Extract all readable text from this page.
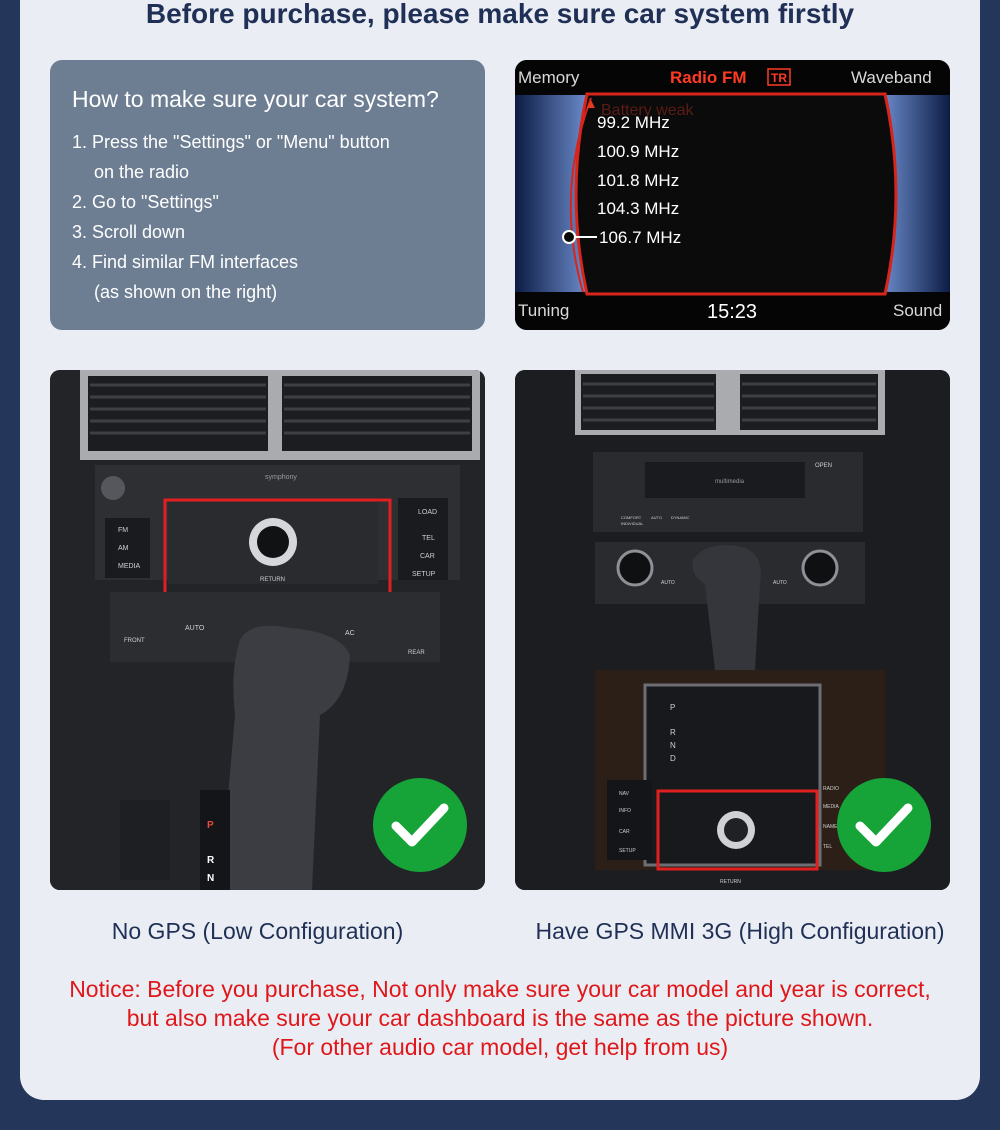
Before purchase, please make sure car system firstly
How to make sure your car system?
1. Press the "Settings" or "Menu" button
on the radio
2. Go to "Settings"
3. Scroll down
4. Find similar FM interfaces
(as shown on the right)
Memory	Radio FM TR	Waveband
Battery weak
99.2 MHz
100.9 MHz
101.8 MHz
104.3 MHz
106.7 MHz
Tuning	15:23	Sound
symphony
FM
AM
MEDIA
LOAD
TEL
CAR
SETUP
RETURN
AUTO
AC
FRONT
REAR
P
R
N
multimedia
OPEN
COMFORT AUTO DYNAMIC
INDIVIDUAL
AUTO	AUTO
P
R
N
D
NAV
INFO
CAR
SETUP
RADIO
MEDIA
NAME
TEL
RETURN
No GPS (Low Configuration)	Have GPS MMI 3G (High Configuration)
Notice: Before you purchase, Not only make sure your car model and year is correct,
but also make sure your car dashboard is the same as the picture shown.
(For other audio car model, get help from us)
